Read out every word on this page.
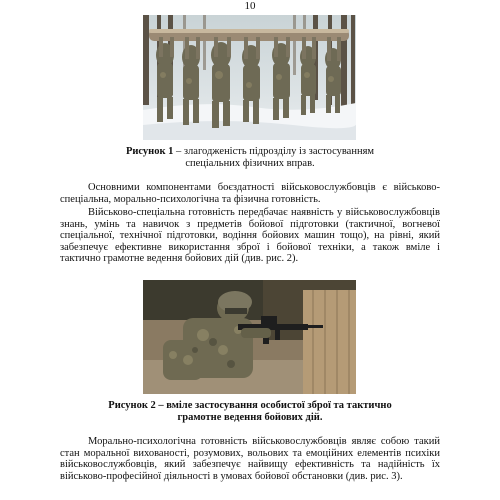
10
Рисунок 1 – злагодженість підрозділу із застосуванням спеціальних фізичних вправ.

Основними компонентами боєздатності військовослужбовців є військово-спеціальна, морально-психологічна та фізична готовність.

Військово-спеціальна готовність передбачає наявність у військовослужбовців знань, умінь та навичок з предметів бойової підготовки (тактичної, вогневої спеціальної, технічної підготовки, водіння бойових машин тощо), на рівні, який забезпечує ефективне використання зброї і бойової техніки, а також вміле і тактично грамотне ведення бойових дій (див. рис. 2).

Рисунок 2 – вміле застосування особистої зброї та тактично грамотне ведення бойових дій.

Морально-психологічна готовність військовослужбовців являє собою такий стан моральної вихованості, розумових, вольових та емоційних елементів психіки військовослужбовців, який забезпечує найвищу ефективність та надійність їх військово-професійної діяльності в умовах бойової обстановки (див. рис. 3).
